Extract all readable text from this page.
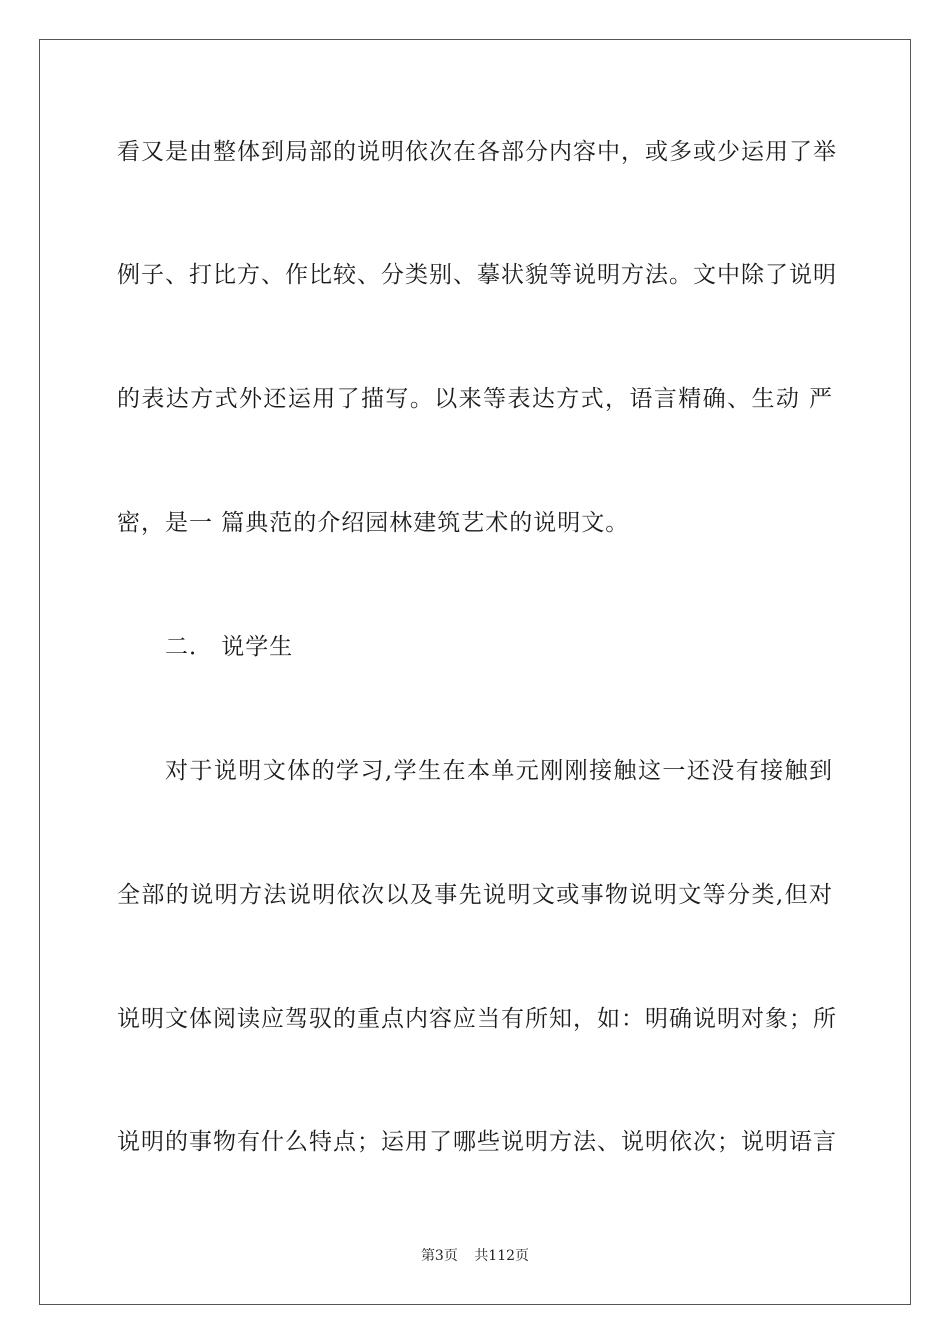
看又是由整体到局部的说明依次在各部分内容中，或多或少运用了举
例子、打比方、作比较、分类别、摹状貌等说明方法。文中除了说明
的表达方式外还运用了描写。以来等表达方式，语言精确、生动 严
密，是一 篇典范的介绍园林建筑艺术的说明文。
二． 说学生
对于说明文体的学习,学生在本单元刚刚接触这一还没有接触到
全部的说明方法说明依次以及事先说明文或事物说明文等分类,但对
说明文体阅读应驾驭的重点内容应当有所知，如：明确说明对象；所
说明的事物有什么特点；运用了哪些说明方法、说明依次；说明语言
第3页 共112页
